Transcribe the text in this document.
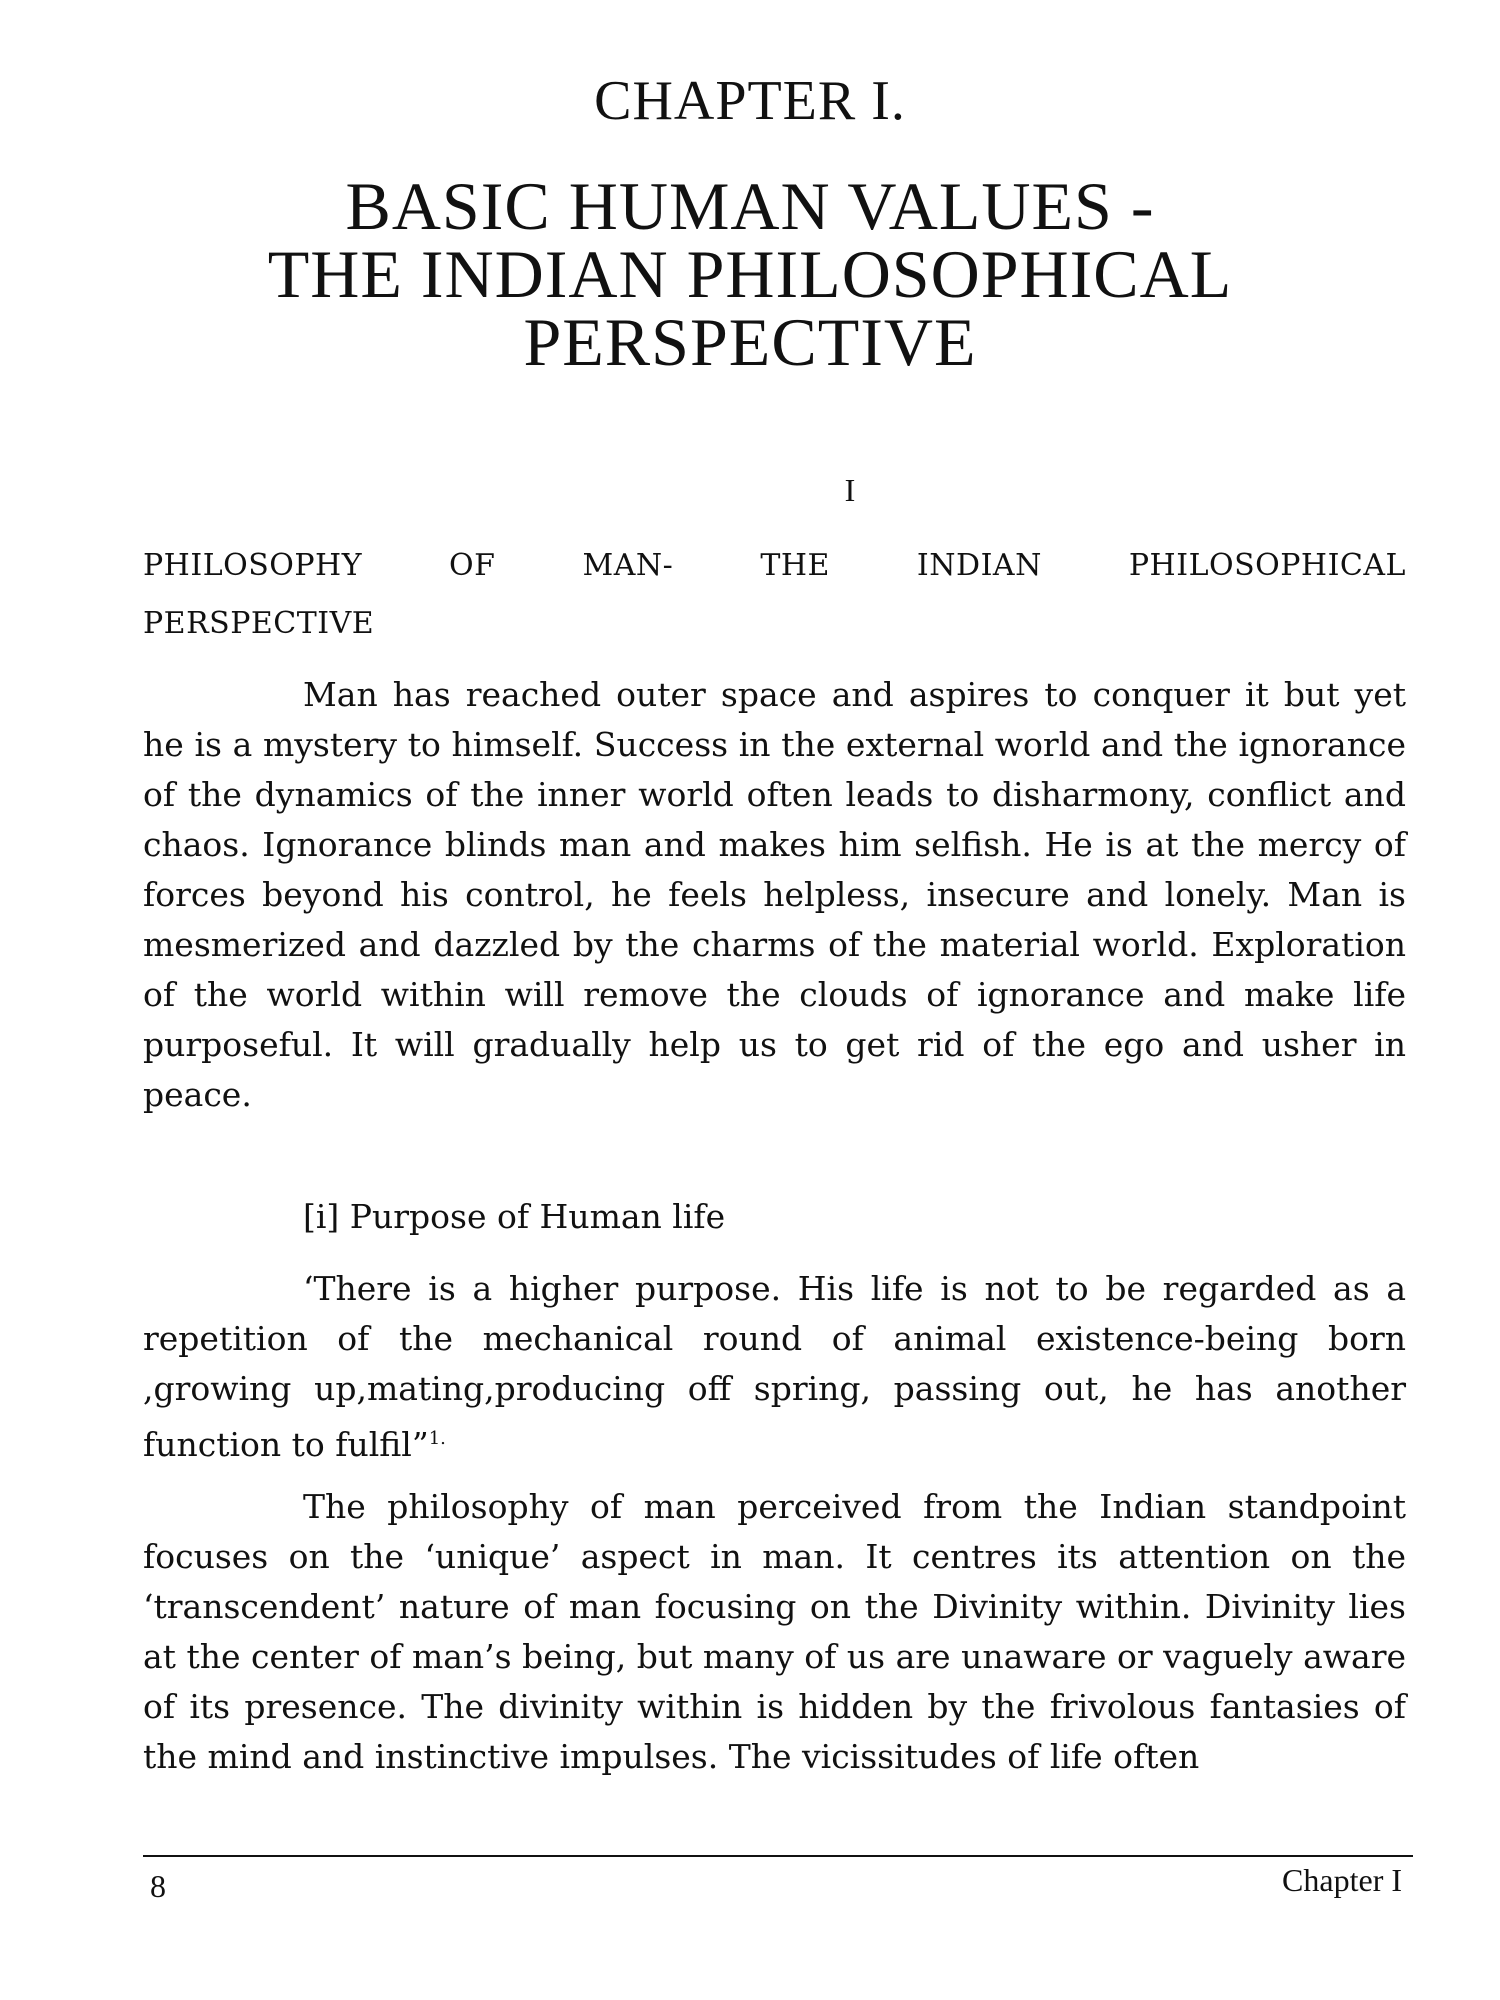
CHAPTER I.
BASIC HUMAN VALUES -
THE INDIAN PHILOSOPHICAL
PERSPECTIVE
I
PHILOSOPHY	OF	MAN-	THE	INDIAN	PHILOSOPHICAL
PERSPECTIVE

Man has reached outer space and aspires to conquer it but yet he is a mystery to himself. Success in the external world and the ignorance of the dynamics of the inner world often leads to disharmony, conflict and chaos. Ignorance blinds man and makes him selfish. He is at the mercy of forces beyond his control, he feels helpless, insecure and lonely. Man is mesmerized and dazzled by the charms of the material world. Exploration of the world within will remove the clouds of ignorance and make life purposeful. It will gradually help us to get rid of the ego and usher in peace.

[i] Purpose of Human life

‘There is a higher purpose. His life is not to be regarded as a repetition of the mechanical round of animal existence-being born ,growing up,mating,producing off spring, passing out, he has another function to fulfil”$^{1.}$

The philosophy of man perceived from the Indian standpoint focuses on the ‘unique’ aspect in man. It centres its attention on the ‘transcendent’ nature of man focusing on the Divinity within. Divinity lies at the center of man’s being, but many of us are unaware or vaguely aware of its presence. The divinity within is hidden by the frivolous fantasies of the mind and instinctive impulses. The vicissitudes of life often

8	Chapter I
